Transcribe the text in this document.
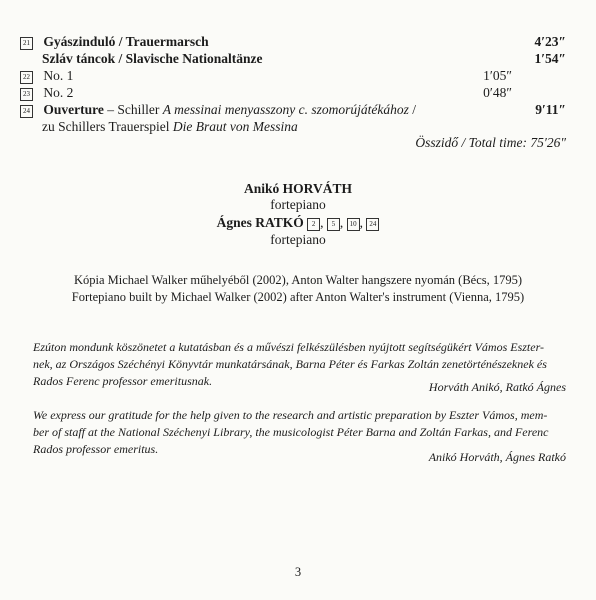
21 Gyászinduló / Trauermarsch	4′23″
Szláv táncok / Slavische Nationaltänze	1′54″
22 No. 1	1′05″
23 No. 2	0′48″
24 Ouverture – Schiller A messinai menyasszony c. szomorújátékához /	9′11″
zu Schillers Trauerspiel Die Braut von Messina
Összidő / Total time: 75′26″
Anikó HORVÁTH
fortepiano
Ágnes RATKÓ 2 , 5 , 10 , 24
fortepiano
Kópia Michael Walker műhelyéből (2002), Anton Walter hangszere nyomán (Bécs, 1795)
Fortepiano built by Michael Walker (2002) after Anton Walter's instrument (Vienna, 1795)
Ezúton mondunk köszönetet a kutatásban és a művészi felkészülésben nyújtott segítségükért Vámos Eszter-
nek, az Országos Széchényi Könyvtár munkatársának, Barna Péter és Farkas Zoltán zenetörténészeknek és
Rados Ferenc professor emeritusnak.	Horváth Anikó, Ratkó Ágnes
We express our gratitude for the help given to the research and artistic preparation by Eszter Vámos, mem-
ber of staff at the National Széchenyi Library, the musicologist Péter Barna and Zoltán Farkas, and Ferenc
Rados professor emeritus.
Anikó Horváth, Ágnes Ratkó
3
